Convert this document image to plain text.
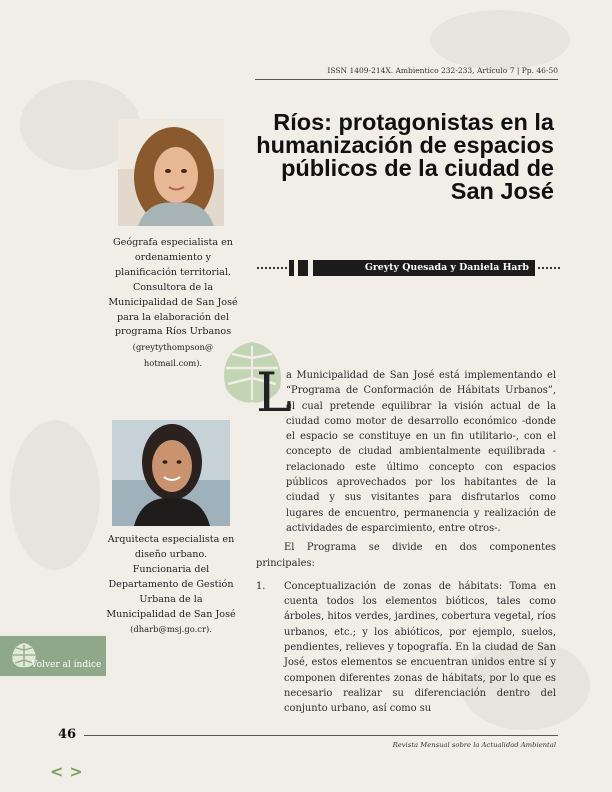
ISSN 1409-214X. Ambientico 232-233, Artículo 7 | Pp. 46-50
Ríos: protagonistas en la humanización de espacios públicos de la ciudad de San José
Geógrafa especialista en ordenamiento y planificación territorial. Consultora de la Municipalidad de San José para la elaboración del programa Ríos Urbanos
(greytythompson@ hotmail.com).
Greyty Quesada y Daniela Harb
Arquitecta especialista en diseño urbano. Funcionaria del Departamento de Gestión Urbana de la Municipalidad de San José (dharb@msj.go.cr).
L

a Municipalidad de San José está implementando el “Programa de Conformación de Hábitats Urbanos”, el cual pretende equilibrar la visión actual de la ciudad como motor de desarrollo económico -donde el espacio se constituye en un fin utilitario-, con el concepto de ciudad ambientalmente equilibrada -relacionado este último concepto con espacios públicos aprovechados por los habitantes de la ciudad y sus visitantes para disfrutarlos como lugares de encuentro, permanencia y realización de actividades de esparcimiento, entre otros-.

El Programa se divide en dos componentes principales:

1. Conceptualización de zonas de hábitats: Toma en cuenta todos los elementos bióticos, tales como árboles, hitos verdes, jardines, cobertura vegetal, ríos urbanos, etc.; y los abióticos, por ejemplo, suelos, pendientes, relieves y topografía. En la ciudad de San José, estos elementos se encuentran unidos entre sí y componen diferentes zonas de hábitats, por lo que es necesario realizar su diferenciación dentro del conjunto urbano, así como su

Volver al índice
46
Revista Mensual sobre la Actualidad Ambiental
< >
